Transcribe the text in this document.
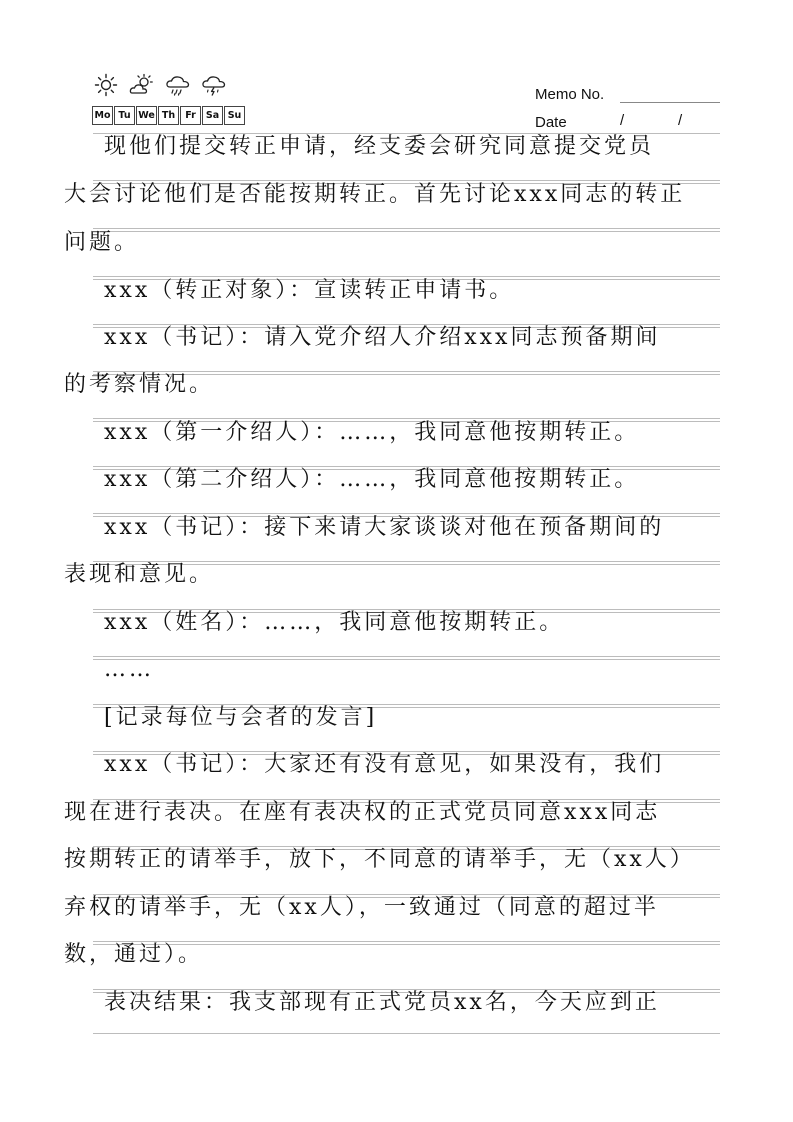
Mo Tu We Th	Fr	Sa Su
Memo No.
Date	/	/
现他们提交转正申请，经支委会研究同意提交党员
大会讨论他们是否能按期转正。首先讨论xxx同志的转正
问题。
xxx（转正对象）：宣读转正申请书。
xxx（书记）：请入党介绍人介绍xxx同志预备期间
的考察情况。
xxx（第一介绍人）：……，我同意他按期转正。
xxx（第二介绍人）：……，我同意他按期转正。
xxx（书记）：接下来请大家谈谈对他在预备期间的
表现和意见。
xxx（姓名）：……，我同意他按期转正。
……
[记录每位与会者的发言]
xxx（书记）：大家还有没有意见，如果没有，我们
现在进行表决。在座有表决权的正式党员同意xxx同志
按期转正的请举手，放下，不同意的请举手，无（xx人）
弃权的请举手，无（xx人），一致通过（同意的超过半
数，通过）。
表决结果：我支部现有正式党员xx名，今天应到正
